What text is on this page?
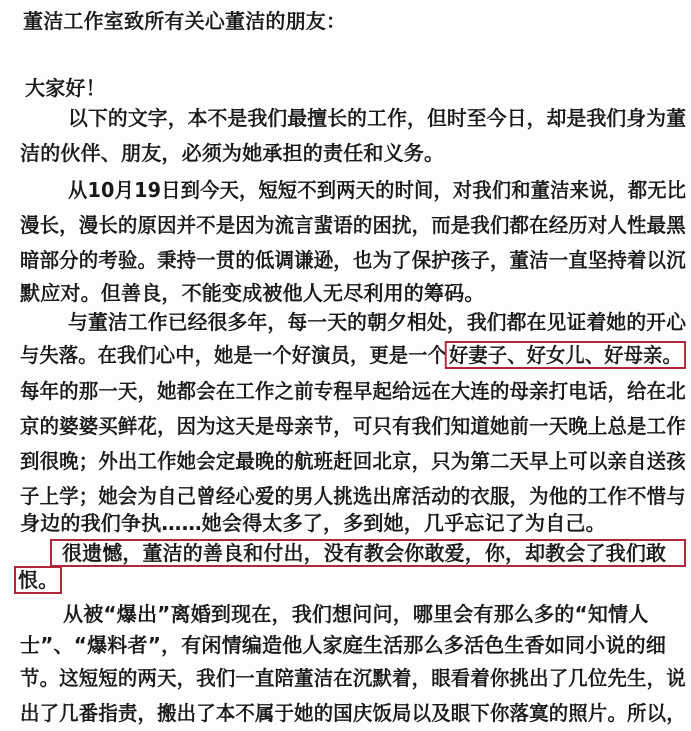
董洁工作室致所有关心董洁的朋友：
大家好！
以下的文字，本不是我们最擅长的工作，但时至今日，却是我们身为董
洁的伙伴、朋友，必须为她承担的责任和义务。
从10月19日到今天，短短不到两天的时间，对我们和董洁来说，都无比
漫长，漫长的原因并不是因为流言蜚语的困扰，而是我们都在经历对人性最黑
暗部分的考验。秉持一贯的低调谦逊，也为了保护孩子，董洁一直坚持着以沉
默应对。但善良，不能变成被他人无尽利用的筹码。
与董洁工作已经很多年，每一天的朝夕相处，我们都在见证着她的开心
与失落。在我们心中，她是一个好演员，更是一个好妻子、好女儿、好母亲。
每年的那一天，她都会在工作之前专程早起给远在大连的母亲打电话，给在北
京的婆婆买鲜花，因为这天是母亲节，可只有我们知道她前一天晚上总是工作
到很晚；外出工作她会定最晚的航班赶回北京，只为第二天早上可以亲自送孩
子上学；她会为自己曾经心爱的男人挑选出席活动的衣服，为他的工作不惜与
身边的我们争执……她会得太多了，多到她，几乎忘记了为自己。
很遗憾，董洁的善良和付出，没有教会你敢爱，你，却教会了我们敢
恨。
从被“爆出”离婚到现在，我们想问问，哪里会有那么多的“知情人
士”、“爆料者”，有闲情编造他人家庭生活那么多活色生香如同小说的细
节。这短短的两天，我们一直陪董洁在沉默着，眼看着你挑出了几位先生，说
出了几番指责，搬出了本不属于她的国庆饭局以及眼下你落寞的照片。所以，
